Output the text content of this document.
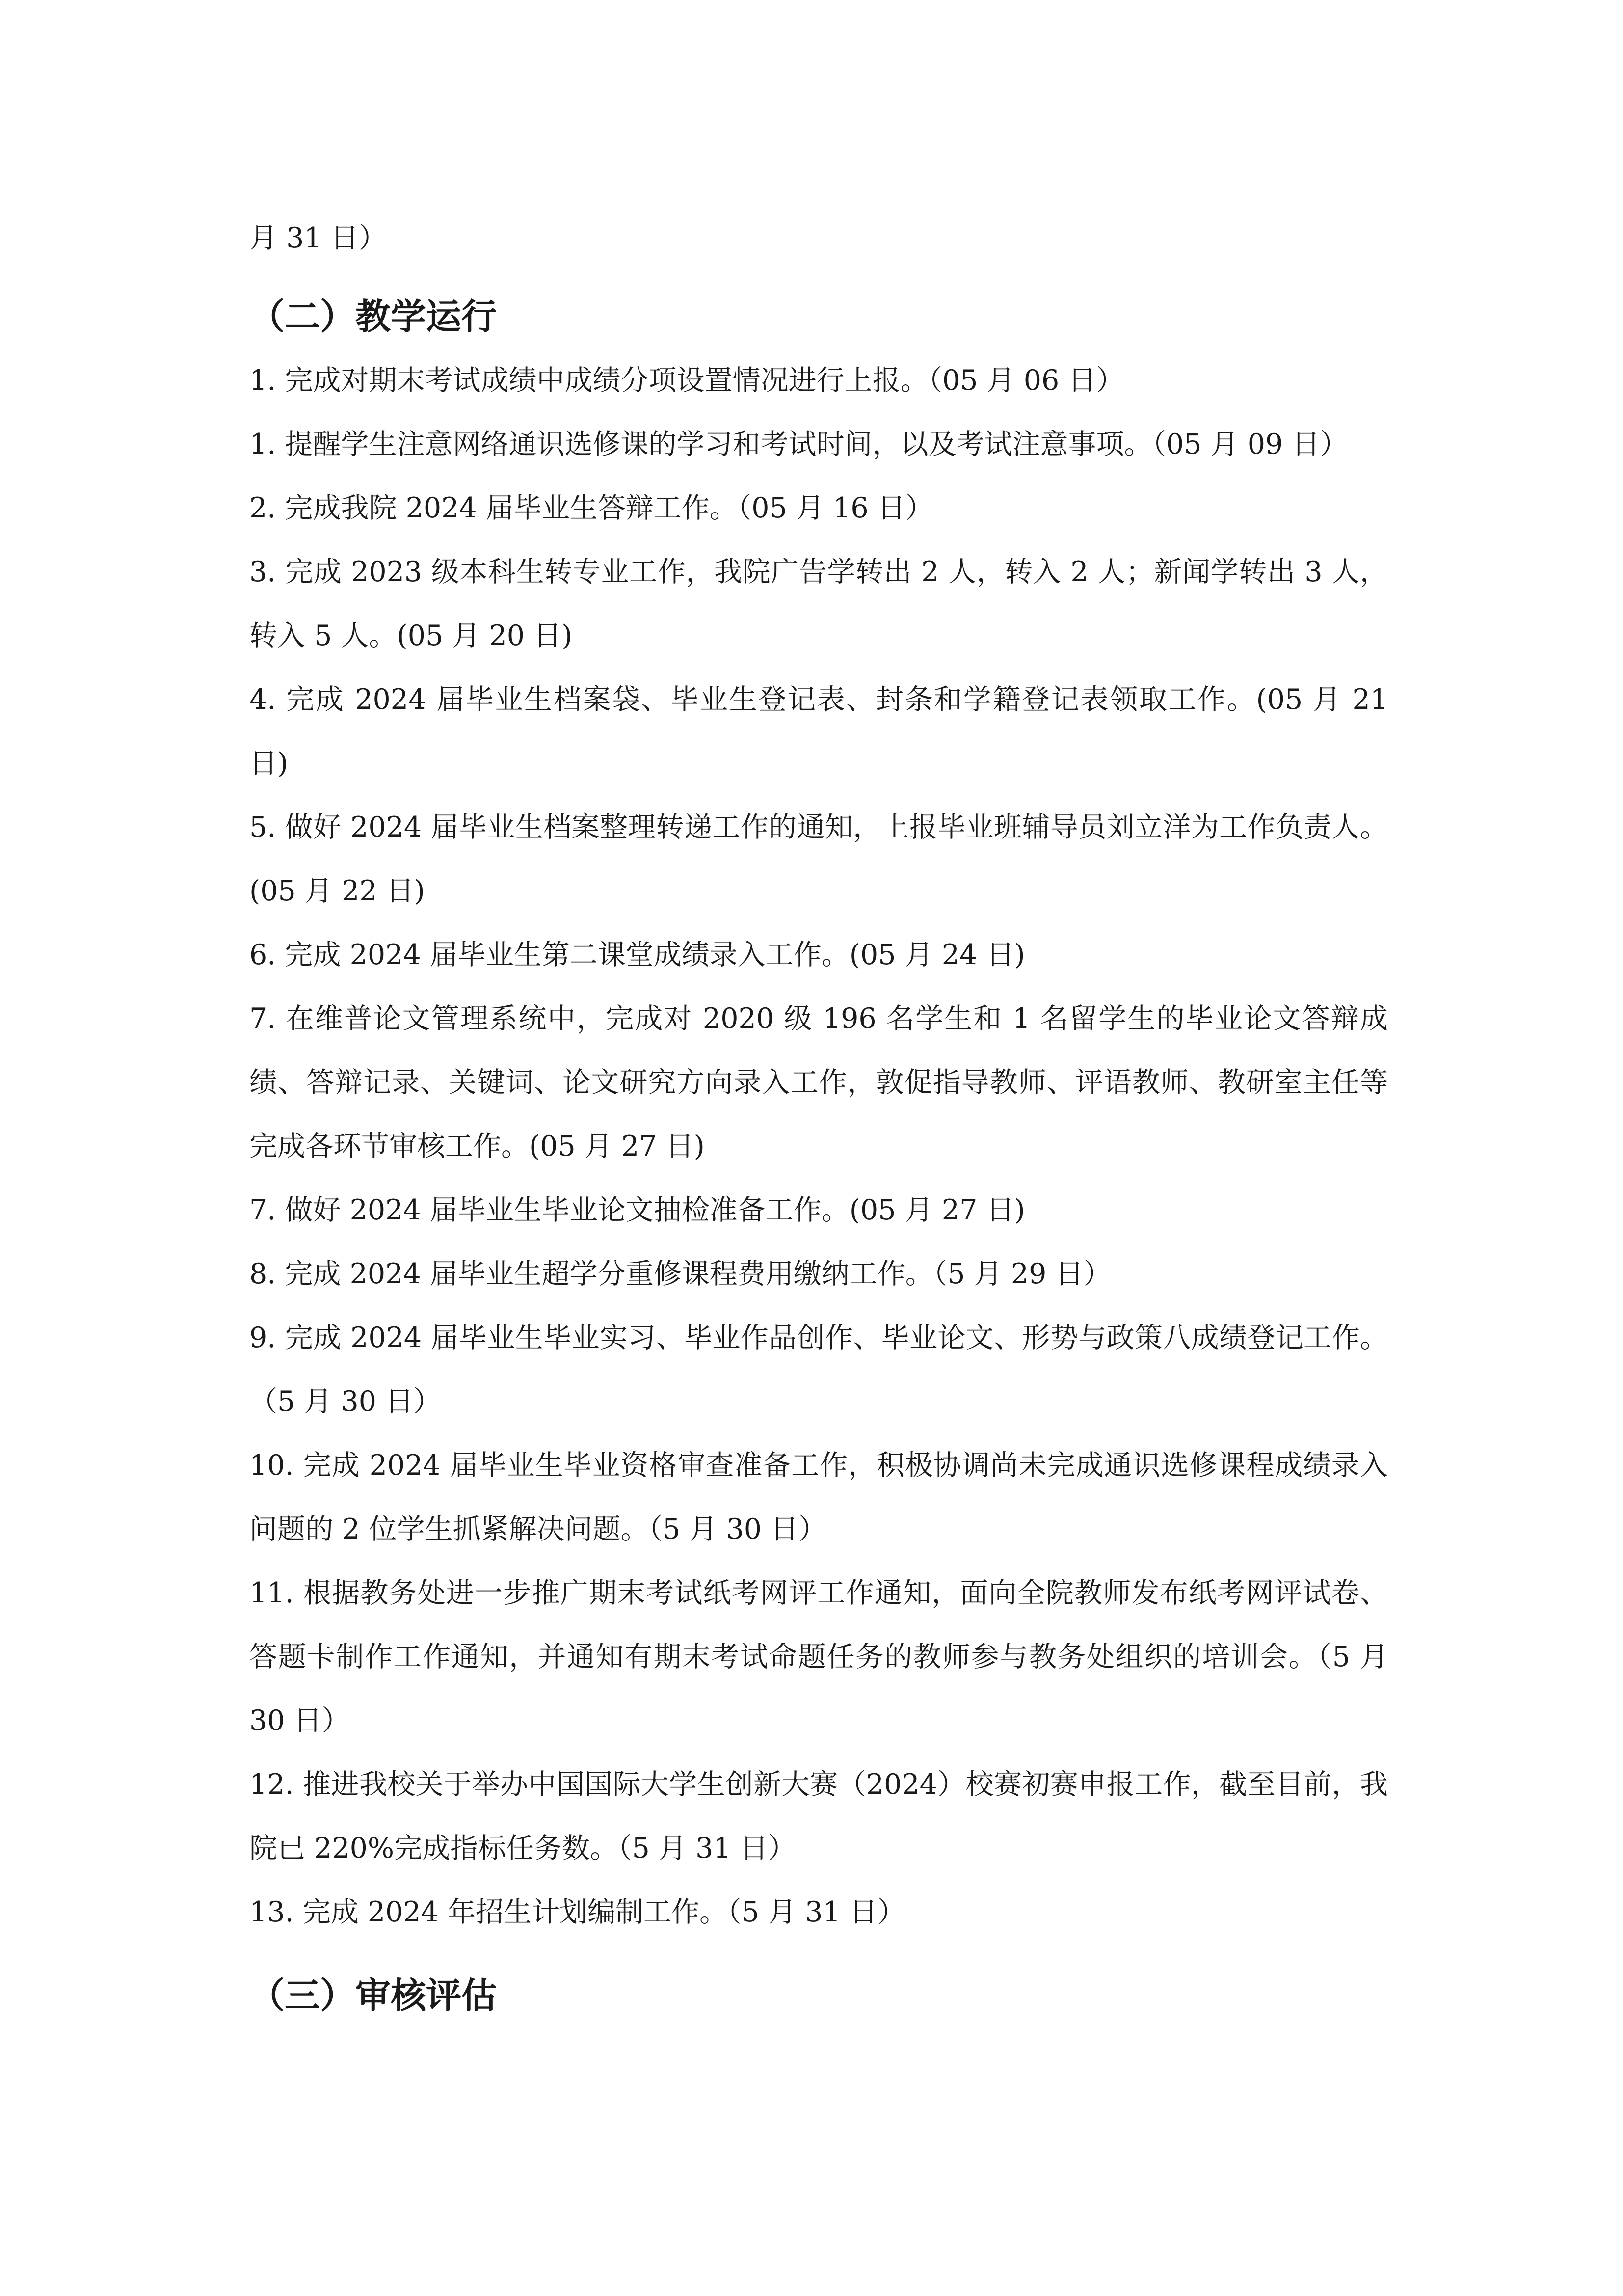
月 31 日）

（二）教学运行

1. 完成对期末考试成绩中成绩分项设置情况进行上报。（05 月 06 日）

1. 提醒学生注意网络通识选修课的学习和考试时间，以及考试注意事项。（05 月 09 日）

2. 完成我院 2024 届毕业生答辩工作。（05 月 16 日）

3. 完成 2023 级本科生转专业工作，我院广告学转出 2 人，转入 2 人；新闻学转出 3 人，转入 5 人。(05 月 20 日)

4. 完成 2024 届毕业生档案袋、毕业生登记表、封条和学籍登记表领取工作。(05 月 21 日)

5. 做好 2024 届毕业生档案整理转递工作的通知，上报毕业班辅导员刘立洋为工作负责人。(05 月 22 日)

6. 完成 2024 届毕业生第二课堂成绩录入工作。(05 月 24 日)

7. 在维普论文管理系统中，完成对 2020 级 196 名学生和 1 名留学生的毕业论文答辩成绩、答辩记录、关键词、论文研究方向录入工作，敦促指导教师、评语教师、教研室主任等完成各环节审核工作。(05 月 27 日)

7. 做好 2024 届毕业生毕业论文抽检准备工作。(05 月 27 日)

8. 完成 2024 届毕业生超学分重修课程费用缴纳工作。（5 月 29 日）

9. 完成 2024 届毕业生毕业实习、毕业作品创作、毕业论文、形势与政策八成绩登记工作。（5 月 30 日）

10. 完成 2024 届毕业生毕业资格审查准备工作，积极协调尚未完成通识选修课程成绩录入问题的 2 位学生抓紧解决问题。（5 月 30 日）

11. 根据教务处进一步推广期末考试纸考网评工作通知，面向全院教师发布纸考网评试卷、答题卡制作工作通知，并通知有期末考试命题任务的教师参与教务处组织的培训会。（5 月 30 日）

12. 推进我校关于举办中国国际大学生创新大赛（2024）校赛初赛申报工作，截至目前，我院已 220%完成指标任务数。（5 月 31 日）

13. 完成 2024 年招生计划编制工作。（5 月 31 日）

（三）审核评估
